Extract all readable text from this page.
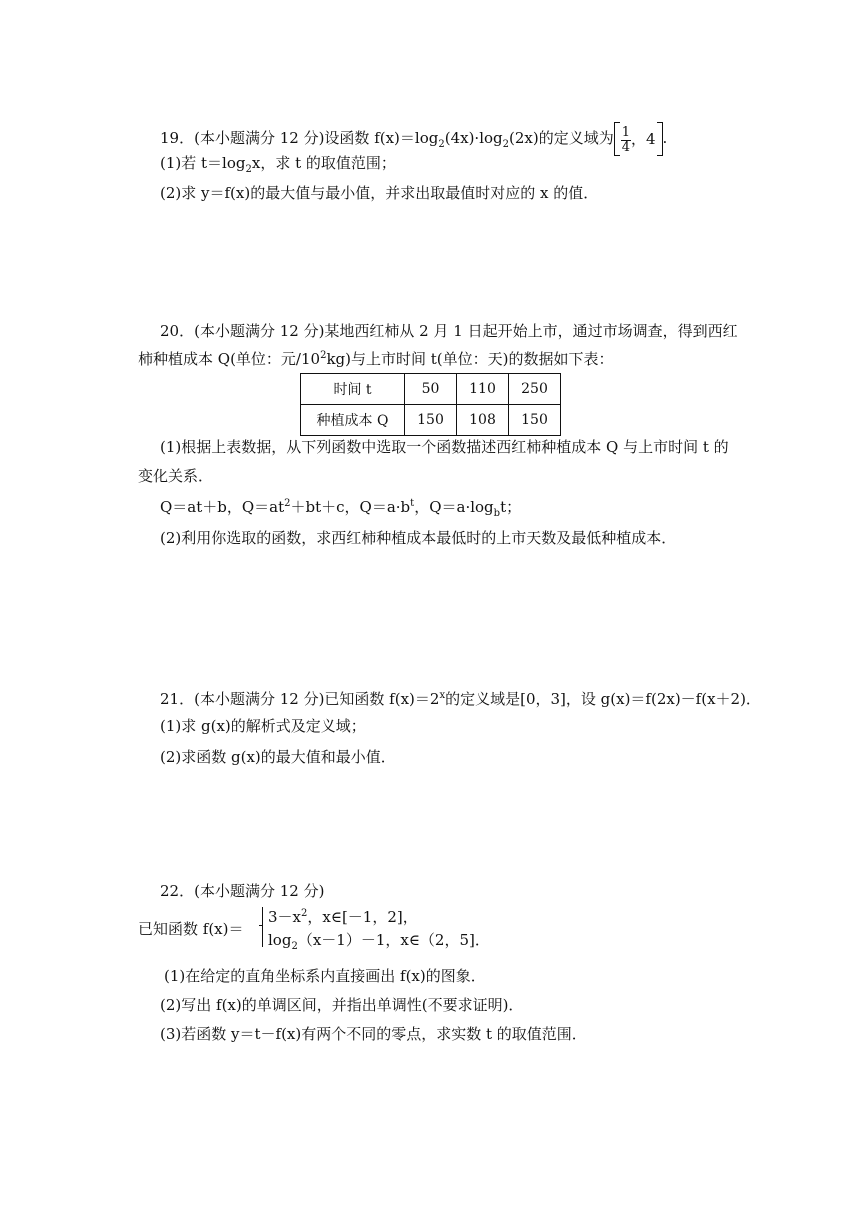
19．(本小题满分 12 分)设函数 $f(x)=\log_2(4x)\cdot\log_2(2x)$的定义域为 $\frac{1}{4}$ ，4 .
(1)若 $t=\log_2x$，求 t 的取值范围；
(2)求 y＝f(x)的最大值与最小值，并求出取最值时对应的 x 的值．
20．(本小题满分 12 分)某地西红柿从 2 月 1 日起开始上市，通过市场调查，得到西红
柿种植成本 Q(单位：元$/10^2kg$)与上市时间 t(单位：天)的数据如下表：
时间 t	50	110	250
种植成本 Q	150	108	150
(1)根据上表数据，从下列函数中选取一个函数描述西红柿种植成本 Q 与上市时间 t 的
变化关系．
Q＝at＋b，$Q=at^2+bt+c$，$Q=a\cdot b^t$，$Q=a\cdot\log_bt$；
(2)利用你选取的函数，求西红柿种植成本最低时的上市天数及最低种植成本．
21．(本小题满分 12 分)已知函数 $f(x)=2^x$的定义域是[0，3]，设 g(x)＝f(2x)－f(x＋2)．
(1)求 g(x)的解析式及定义域；
(2)求函数 g(x)的最大值和最小值．
22．(本小题满分 12 分)
已知函数 f(x)＝
$3-x^2$，x∈[－1，2]，
$\log_2(x-1)-1$，x∈（2，5]．
(1)在给定的直角坐标系内直接画出 f(x)的图象．
(2)写出 f(x)的单调区间，并指出单调性(不要求证明)．
(3)若函数 y＝t－f(x)有两个不同的零点，求实数 t 的取值范围．
